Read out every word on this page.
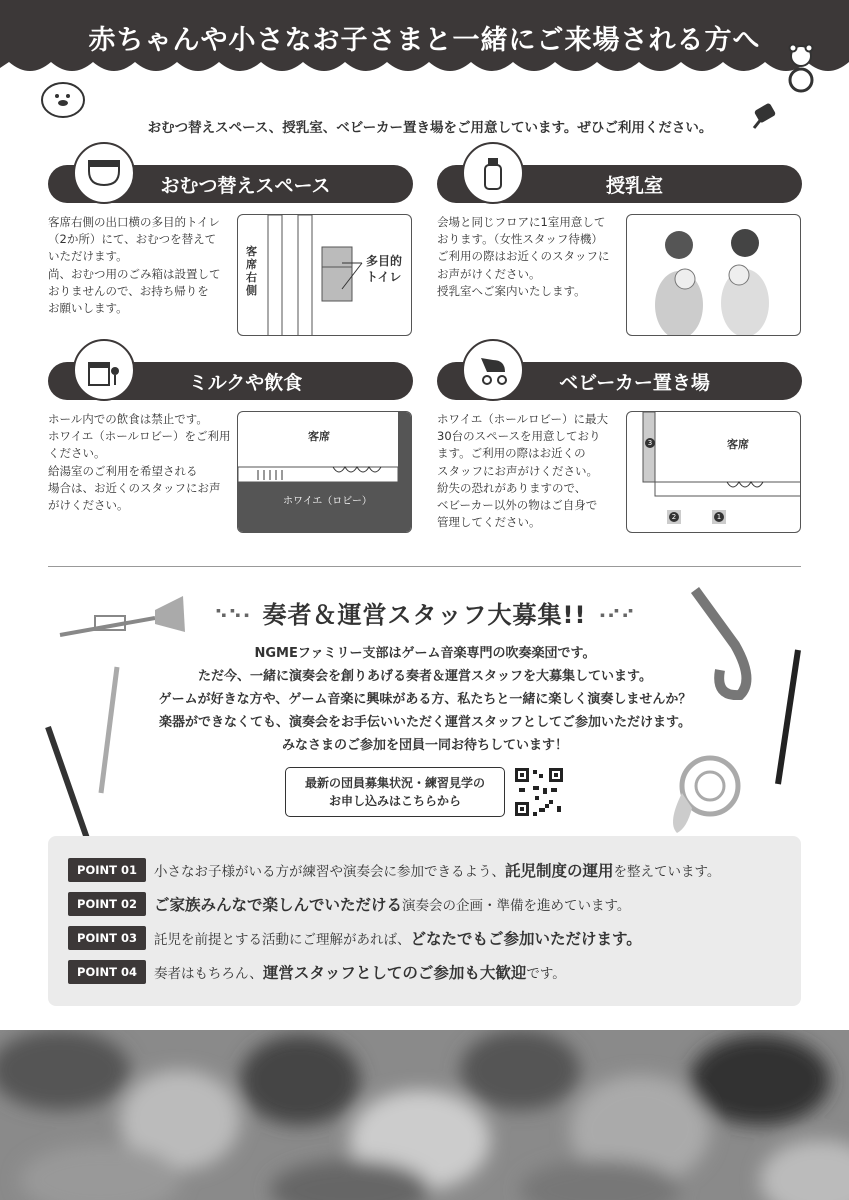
赤ちゃんや小さなお子さまと一緒にご来場される方へ
おむつ替えスペース、授乳室、ベビーカー置き場をご用意しています。ぜひご利用ください。
おむつ替えスペース
客席右側の出口横の多目的トイレ
（2か所）にて、おむつを替えて
いただけます。
尚、おむつ用のごみ箱は設置して
おりませんので、お持ち帰りを
お願いします。
客席右側
多目的
トイレ
授乳室
会場と同じフロアに1室用意して
おります。（女性スタッフ待機）
ご利用の際はお近くのスタッフに
お声がけください。
授乳室へご案内いたします。
ミルクや飲食
ホール内での飲食は禁止です。
ホワイエ（ホールロビー）をご利用
ください。
給湯室のご利用を希望される
場合は、お近くのスタッフにお声
がけください。
客席
ホワイエ（ロビー）
ベビーカー置き場
ホワイエ（ホールロビー）に最大
30台のスペースを用意しており
ます。ご利用の際はお近くの
スタッフにお声がけください。
紛失の恐れがありますので、
ベビーカー以外の物はご自身で
管理してください。
客席
3
2	1
⠑⠑⠂ 奏者＆運営スタッフ大募集!! ⠐⠊⠊
NGMEファミリー支部はゲーム音楽専門の吹奏楽団です。
ただ今、一緒に演奏会を創りあげる奏者＆運営スタッフを大募集しています。
ゲームが好きな方や、ゲーム音楽に興味がある方、私たちと一緒に楽しく演奏しませんか？
楽器ができなくても、演奏会をお手伝いいただく運営スタッフとしてご参加いただけます。
みなさまのご参加を団員一同お待ちしています！
最新の団員募集状況・練習見学の
お申し込みはこちらから
POINT 01	小さなお子様がいる方が練習や演奏会に参加できるよう、託児制度の運用を整えています。
POINT 02	ご家族みんなで楽しんでいただける演奏会の企画・準備を進めています。
POINT 03	託児を前提とする活動にご理解があれば、どなたでもご参加いただけます。
POINT 04	奏者はもちろん、運営スタッフとしてのご参加も大歓迎です。
